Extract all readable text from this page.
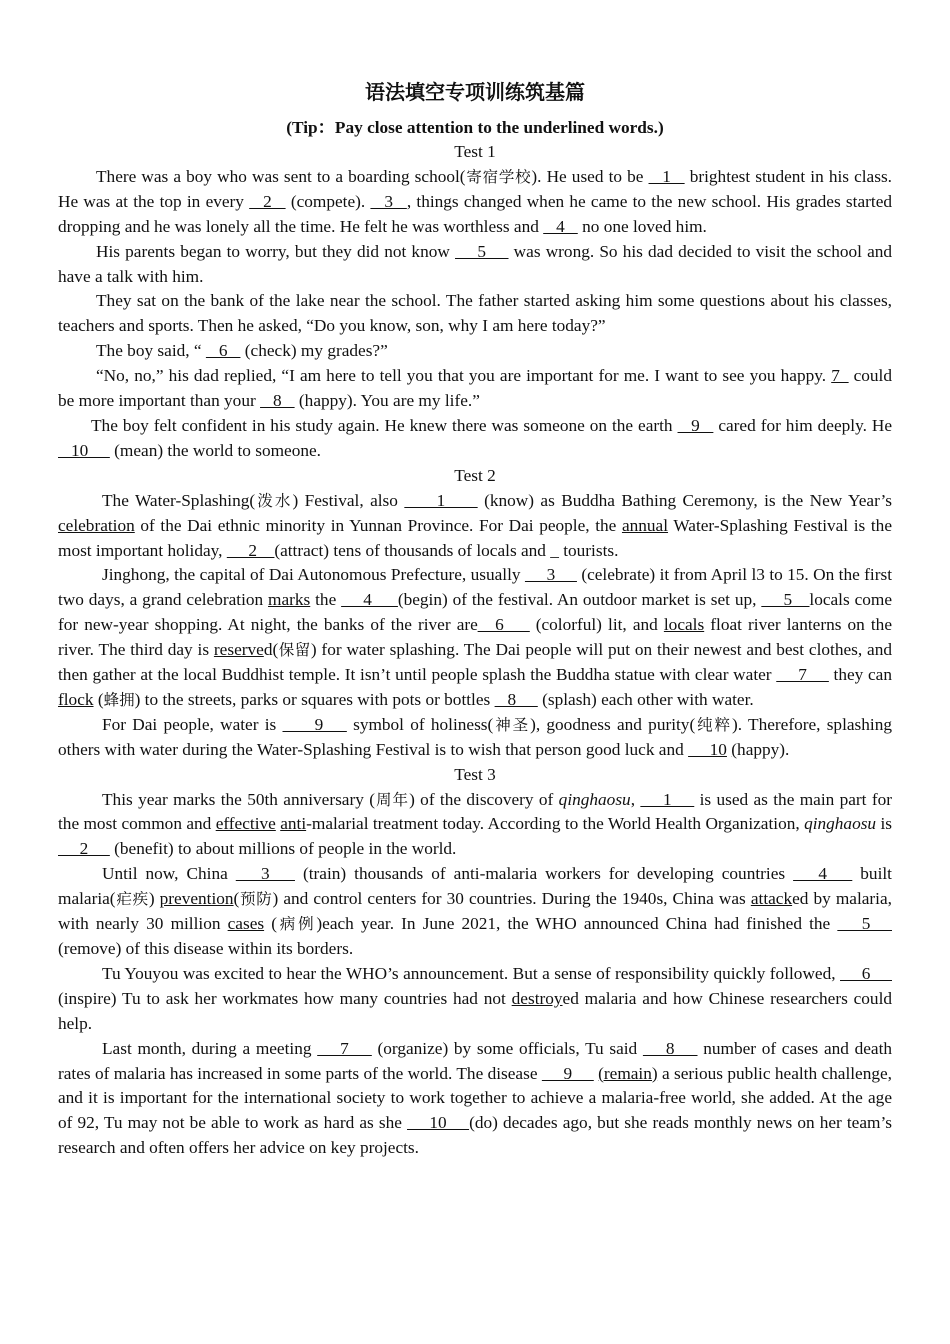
语法填空专项训练筑基篇
(Tip：Pay close attention to the underlined words.)
Test 1

There was a boy who was sent to a boarding school(寄宿学校). He used to be  _1_  brightest student in his class. He was at the top in every  _2_  (compete).  _3_ , things changed when he came to the new school. His grades started dropping and he was lonely all the time. He felt he was worthless and  _4_  no one loved him.

His parents began to worry, but they did not know  __5__  was wrong. So his dad decided to visit the school and have a talk with him.

They sat on the bank of the lake near the school. The father started asking him some questions about his classes, teachers and sports. Then he asked, “Do you know, son, why I am here today?”

The boy said, “  _6_  (check) my grades?”

“No, no,” his dad replied, “I am here to tell you that you are important for me. I want to see you happy. 7_ could be more important than your  _8_  (happy). You are my life.”

The boy felt confident in his study again. He knew there was someone on the earth  _9_  cared for him deeply. He  _10__  (mean) the world to someone.

Test 2

The Water-Splashing(泼水) Festival, also  ___1___  (know) as Buddha Bathing Ceremony, is the New Year’s celebration of the Dai ethnic minority in Yunnan Province. For Dai people, the annual Water-Splashing Festival is the most important holiday,  __2__(attract) tens of thousands of locals and _ tourists.

Jinghong, the capital of Dai Autonomous Prefecture, usually  __3__  (celebrate) it from April l3 to 15. On the first two days, a grand celebration marks the  __4___(begin) of the festival. An outdoor market is set up,  __5__locals come for new-year shopping. At night, the banks of the river are__6___ (colorful) lit, and locals float river lanterns on the river. The third day is reserved(保留) for water splashing. The Dai people will put on their newest and best clothes, and then gather at the local Buddhist temple. It isn’t until people splash the Buddha statue with clear water  __7__  they can flock (蜂拥) to the streets, parks or squares with pots or bottles  _8__  (splash) each other with water.

For Dai people, water is  ___9__  symbol of holiness(神圣), goodness and purity(纯粹). Therefore, splashing others with water during the Water-Splashing Festival is to wish that person good luck and  __10 (happy).

Test 3

This year marks the 50th anniversary (周年) of the discovery of qinghaosu,  __1__  is used as the main part for the most common and effective anti-malarial treatment today. According to the World Health Organization, qinghaosu is  __2__  (benefit) to about millions of people in the world.

Until now, China  __3__  (train) thousands of anti-malaria workers for developing countries  __4__  built malaria(疟疾) prevention(预防) and control centers for 30 countries. During the 1940s, China was attacked by malaria, with nearly 30 million cases (病例)each year. In June 2021, the WHO announced China had finished the  __5__  (remove) of this disease within its borders.

Tu Youyou was excited to hear the WHO’s announcement. But a sense of responsibility quickly followed,  __6__  (inspire) Tu to ask her workmates how many countries had not destroyed malaria and how Chinese researchers could help.

Last month, during a meeting  __7__  (organize) by some officials, Tu said  __8__  number of cases and death rates of malaria has increased in some parts of the world. The disease  __9__  (remain) a serious public health challenge, and it is important for the international society to work together to achieve a malaria-free world, she added. At the age of 92, Tu may not be able to work as hard as she  __10__ (do) decades ago, but she reads monthly news on her team’s research and often offers her advice on key projects.
